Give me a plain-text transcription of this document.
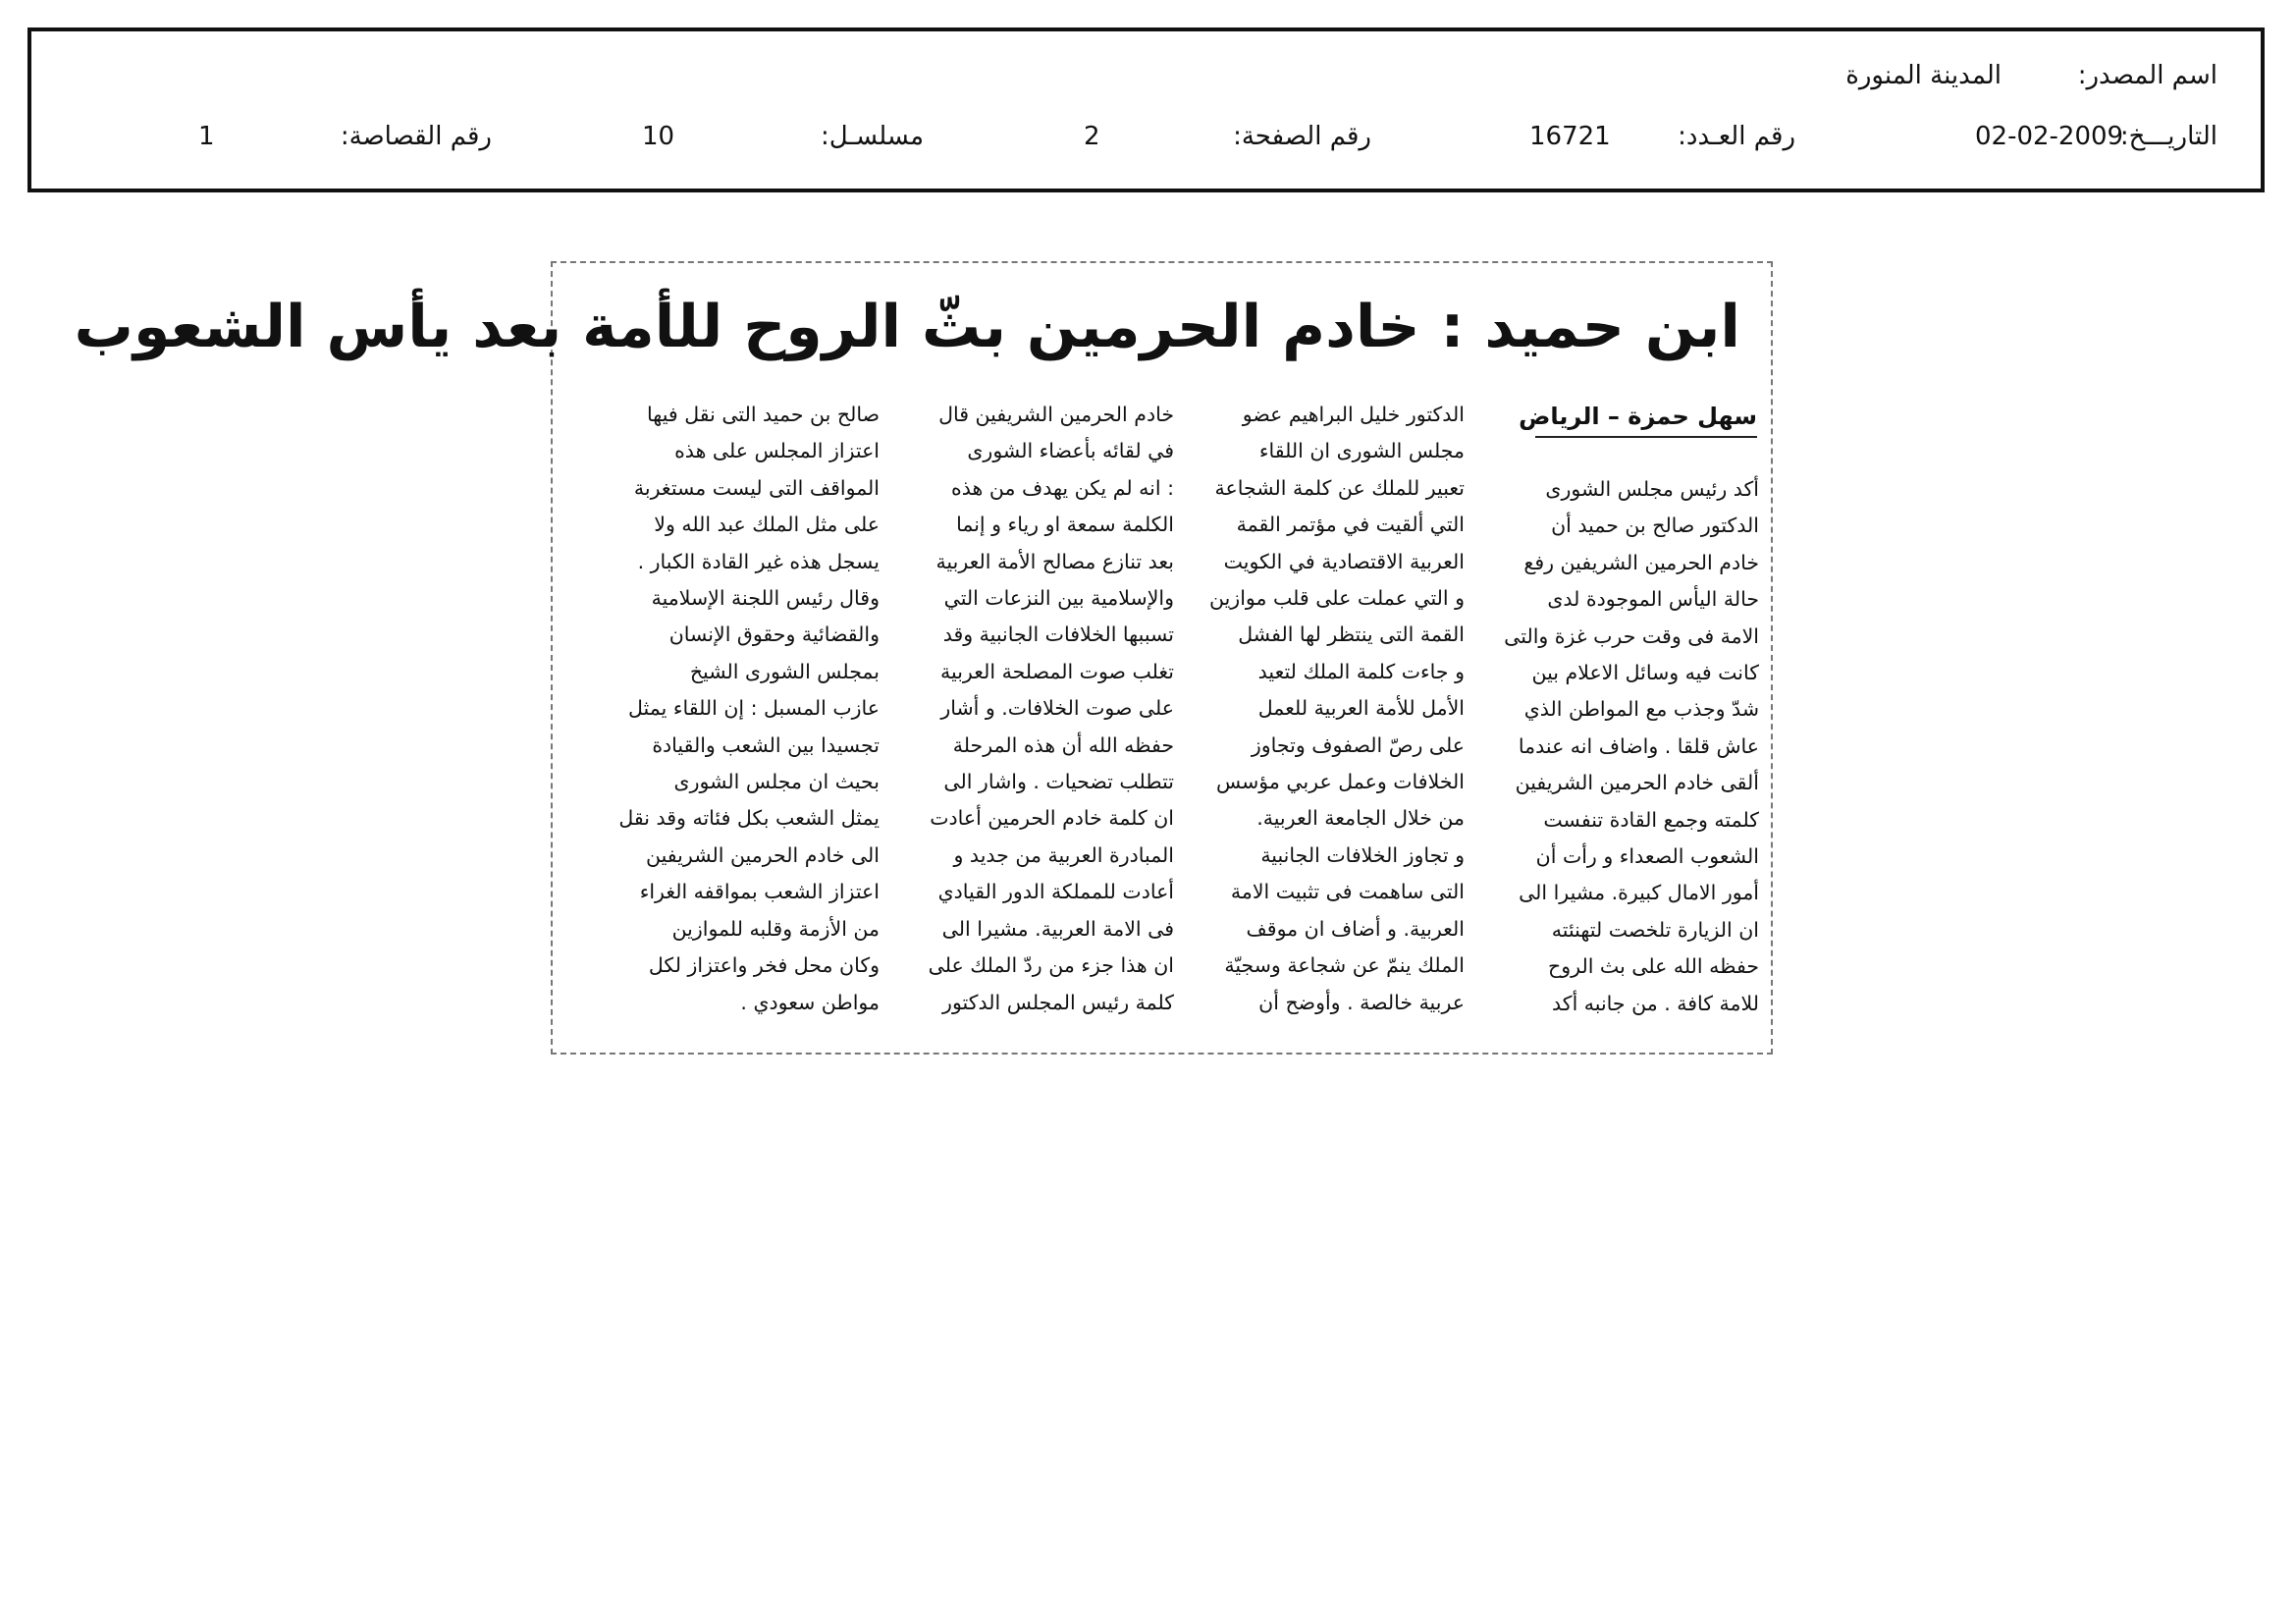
اسم المصدر:
المدينة المنورة
التاريـــخ:
02-02-2009
رقم العـدد:
16721
رقم الصفحة:
2
مسلسـل:
10
رقم القصاصة:
1
ابن حميد : خادم الحرمين بثّ الروح للأمة بعد يأس الشعوب
سهل حمزة – الرياض
أكد رئيس مجلس الشورى
الدكتور صالح بن حميد أن
خادم الحرمين الشريفين رفع
حالة اليأس الموجودة لدى
الامة فى وقت حرب غزة والتى
كانت فيه وسائل الاعلام بين
شدّ وجذب مع المواطن الذي
عاش قلقا . واضاف انه عندما
ألقى خادم الحرمين الشريفين
كلمته وجمع القادة تنفست
الشعوب الصعداء و رأت أن
أمور الامال كبيرة. مشيرا الى
ان الزيارة تلخصت لتهنئته
حفظه الله على بث الروح
للامة كافة . من جانبه أكد
الدكتور خليل البراهيم عضو
مجلس الشورى ان اللقاء
تعبير للملك عن كلمة الشجاعة
التي ألقيت في مؤتمر القمة
العربية الاقتصادية في الكويت
و التي عملت على قلب موازين
القمة التى ينتظر لها الفشل
و جاءت كلمة الملك لتعيد
الأمل للأمة العربية للعمل
على رصّ الصفوف وتجاوز
الخلافات وعمل عربي مؤسس
من خلال الجامعة العربية.
و تجاوز الخلافات الجانبية
التى ساهمت فى تثبيت الامة
العربية. و أضاف ان موقف
الملك ينمّ عن شجاعة وسجيّة
عربية خالصة . وأوضح أن
خادم الحرمين الشريفين قال
في لقائه بأعضاء الشورى
: انه لم يكن يهدف من هذه
الكلمة سمعة او رياء و إنما
بعد تنازع مصالح الأمة العربية
والإسلامية بين النزعات التي
تسببها الخلافات الجانبية وقد
تغلب صوت المصلحة العربية
على صوت الخلافات. و أشار
حفظه الله أن هذه المرحلة
تتطلب تضحيات . واشار الى
ان كلمة خادم الحرمين أعادت
المبادرة العربية من جديد و
أعادت للمملكة الدور القيادي
فى الامة العربية. مشيرا الى
ان هذا جزء من ردّ الملك على
كلمة رئيس المجلس الدكتور
صالح بن حميد التى نقل فيها
اعتزاز المجلس على هذه
المواقف التى ليست مستغربة
على مثل الملك عبد الله ولا
يسجل هذه غير القادة الكبار .
وقال رئيس اللجنة الإسلامية
والقضائية وحقوق الإنسان
بمجلس الشورى الشيخ
عازب المسبل : إن اللقاء يمثل
تجسيدا بين الشعب والقيادة
بحيث ان مجلس الشورى
يمثل الشعب بكل فئاته وقد نقل
الى خادم الحرمين الشريفين
اعتزاز الشعب بمواقفه الغراء
من الأزمة وقلبه للموازين
وكان محل فخر واعتزاز لكل
مواطن سعودي .
